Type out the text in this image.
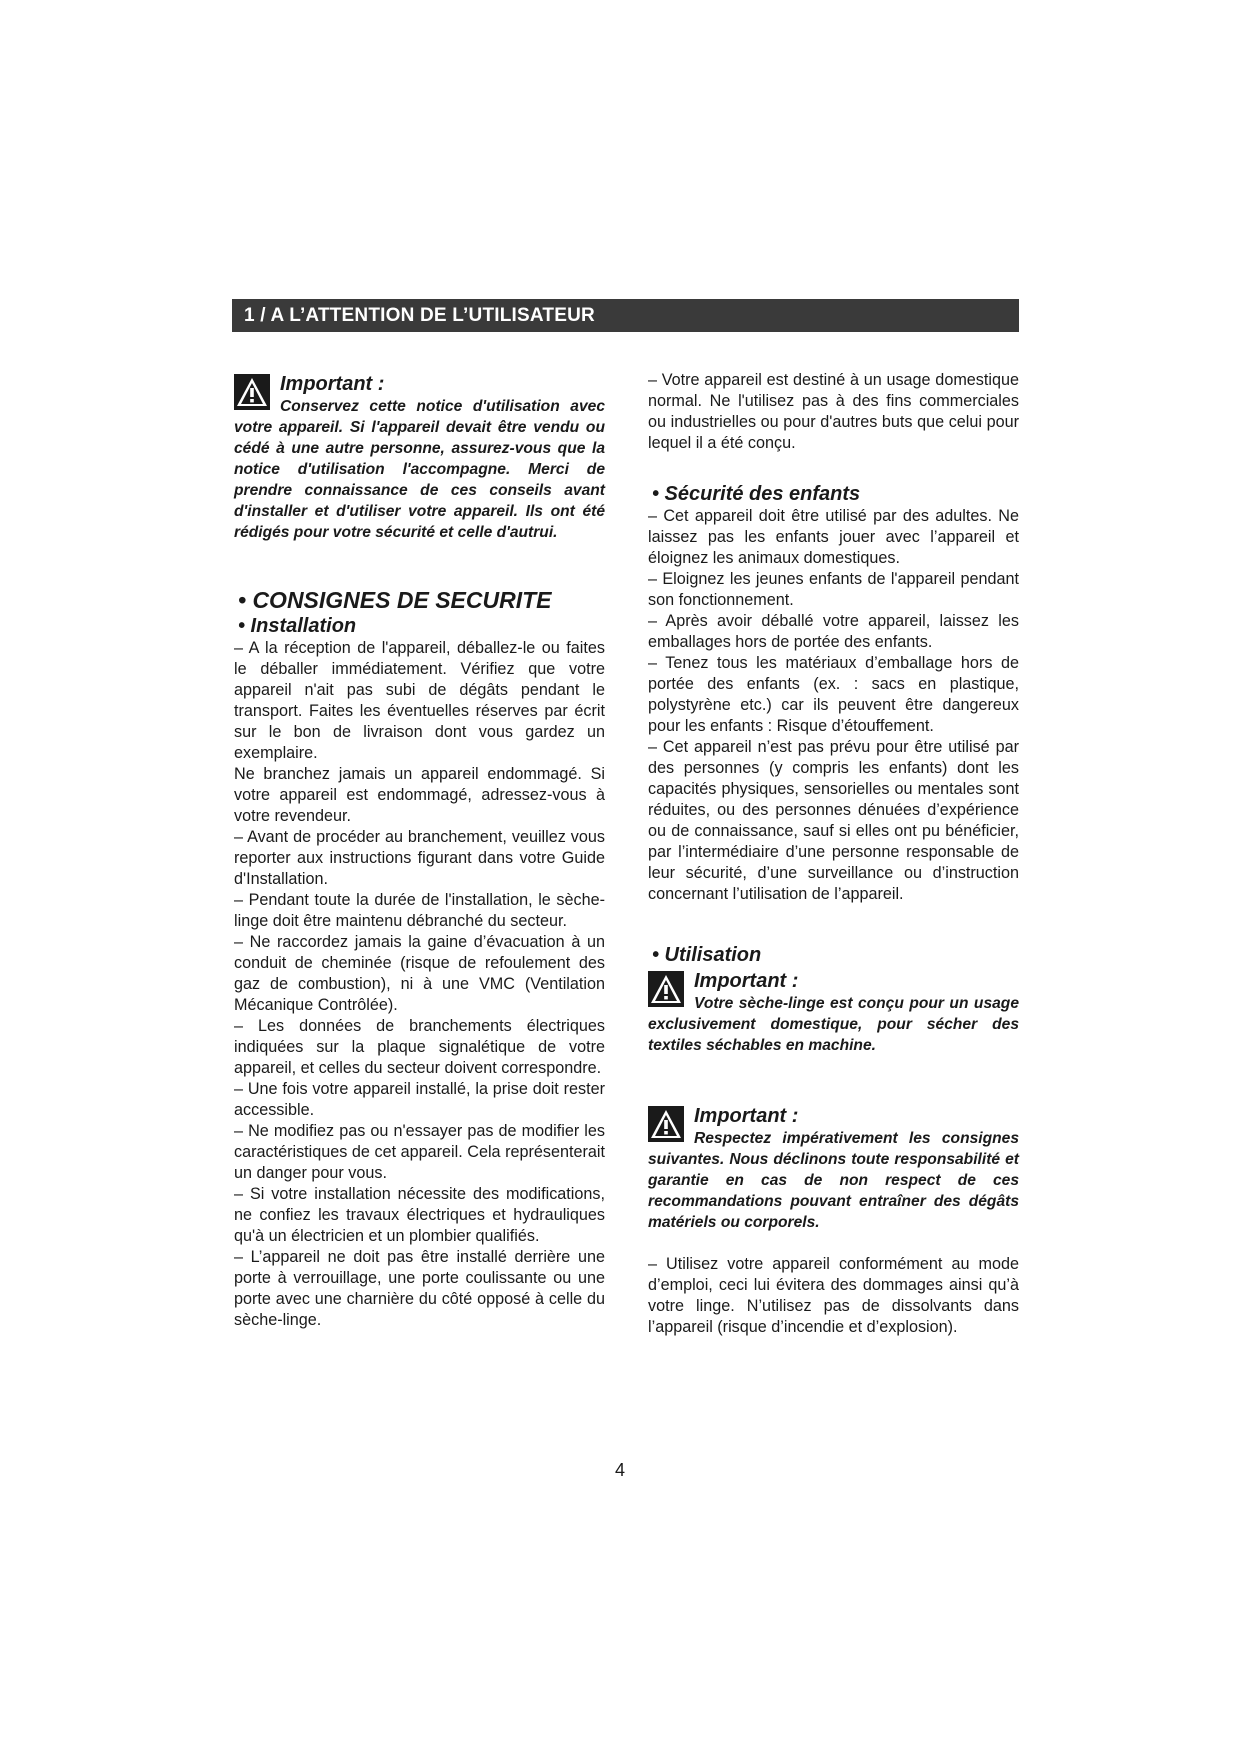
1 / A L’ATTENTION DE L’UTILISATEUR
Important :
Conservez cette notice d'utilisation avec votre appareil. Si l'appareil devait être vendu ou cédé à une autre personne, assurez-vous que la notice d'utilisation l'accompagne. Merci de prendre connaissance de ces conseils avant d'installer et d'utiliser votre appareil. Ils ont été rédigés pour votre sécurité et celle d'autrui.
• CONSIGNES DE SECURITE
• Installation

– A la réception de l'appareil, déballez-le ou faites le déballer immédiatement. Vérifiez que votre appareil n'ait pas subi de dégâts pendant le transport. Faites les éventuelles réserves par écrit sur le bon de livraison dont vous gardez un exemplaire.

Ne branchez jamais un appareil endommagé. Si votre appareil est endommagé, adressez-vous à votre revendeur.

– Avant de procéder au branchement, veuillez vous reporter aux instructions figurant dans votre Guide d'Installation.

– Pendant toute la durée de l'installation, le sèche-linge doit être maintenu débranché du secteur.

– Ne raccordez jamais la gaine d’évacuation à un conduit de cheminée (risque de refoulement des gaz de combustion), ni à une VMC (Ventilation Mécanique Contrôlée).

– Les données de branchements électriques indiquées sur la plaque signalétique de votre appareil, et celles du secteur doivent correspondre.

– Une fois votre appareil installé, la prise doit rester accessible.

– Ne modifiez pas ou n'essayer pas de modifier les caractéristiques de cet appareil. Cela représenterait un danger pour vous.

– Si votre installation nécessite des modifications, ne confiez les travaux électriques et hydrauliques qu'à un électricien et un plombier qualifiés.

– L’appareil ne doit pas être installé derrière une porte à verrouillage, une porte coulissante ou une porte avec une charnière du côté opposé à celle du sèche-linge.

– Votre appareil est destiné à un usage domestique normal. Ne l'utilisez pas à des fins commerciales ou industrielles ou pour d'autres buts que celui pour lequel il a été conçu.

• Sécurité des enfants

– Cet appareil doit être utilisé par des adultes. Ne laissez pas les enfants jouer avec l’appareil et éloignez les animaux domestiques.

– Eloignez les jeunes enfants de l'appareil pendant son fonctionnement.

– Après avoir déballé votre appareil, laissez les emballages hors de portée des enfants.

– Tenez tous les matériaux d’emballage hors de portée des enfants (ex. : sacs en plastique, polystyrène etc.) car ils peuvent être dangereux pour les enfants : Risque d’étouffement.

– Cet appareil n’est pas prévu pour être utilisé par des personnes (y compris les enfants) dont les capacités physiques, sensorielles ou mentales sont réduites, ou des personnes dénuées d’expérience ou de connaissance, sauf si elles ont pu bénéficier, par l’intermédiaire d’une personne responsable de leur sécurité, d’une surveillance ou d’instruction concernant l’utilisation de l’appareil.

• Utilisation
Important :
Votre sèche-linge est conçu pour un usage exclusivement domestique, pour sécher des textiles séchables en machine.
Important :
Respectez impérativement les consignes suivantes. Nous déclinons toute responsabilité et garantie en cas de non respect de ces recommandations pouvant entraîner des dégâts matériels ou corporels.

– Utilisez votre appareil conformément au mode d’emploi, ceci lui évitera des dommages ainsi qu’à votre linge. N’utilisez pas de dissolvants dans l’appareil (risque d’incendie et d’explosion).

4
